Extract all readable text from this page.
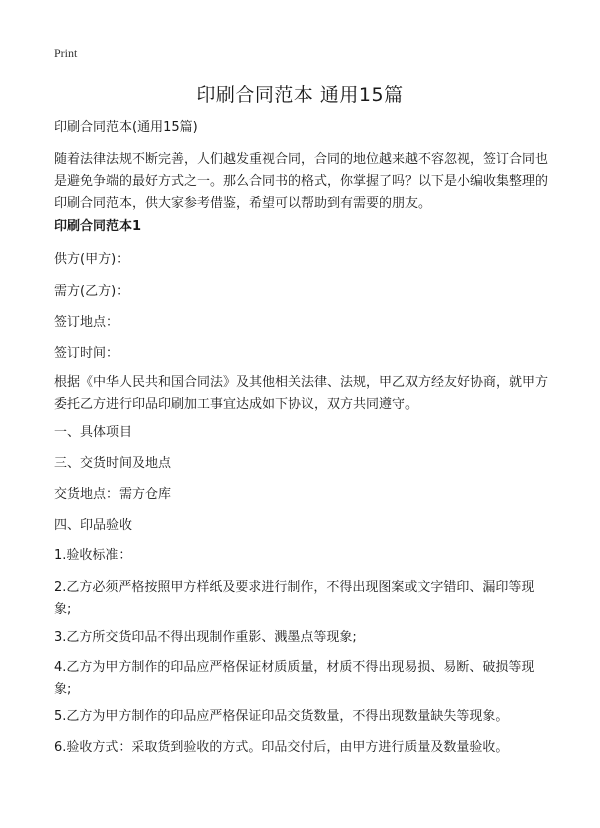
Print
印刷合同范本 通用15篇

印刷合同范本(通用15篇)

随着法律法规不断完善，人们越发重视合同，合同的地位越来越不容忽视，签订合同也是避免争端的最好方式之一。那么合同书的格式，你掌握了吗？以下是小编收集整理的印刷合同范本，供大家参考借鉴，希望可以帮助到有需要的朋友。

印刷合同范本1

供方(甲方)：

需方(乙方)：

签订地点：

签订时间：

根据《中华人民共和国合同法》及其他相关法律、法规，甲乙双方经友好协商，就甲方委托乙方进行印品印刷加工事宜达成如下协议，双方共同遵守。

一、具体项目

三、交货时间及地点

交货地点：需方仓库

四、印品验收

1.验收标准：

2.乙方必须严格按照甲方样纸及要求进行制作，不得出现图案或文字错印、漏印等现象;

3.乙方所交货印品不得出现制作重影、溅墨点等现象;

4.乙方为甲方制作的印品应严格保证材质质量，材质不得出现易损、易断、破损等现象;

5.乙方为甲方制作的印品应严格保证印品交货数量，不得出现数量缺失等现象。

6.验收方式：采取货到验收的方式。印品交付后，由甲方进行质量及数量验收。
